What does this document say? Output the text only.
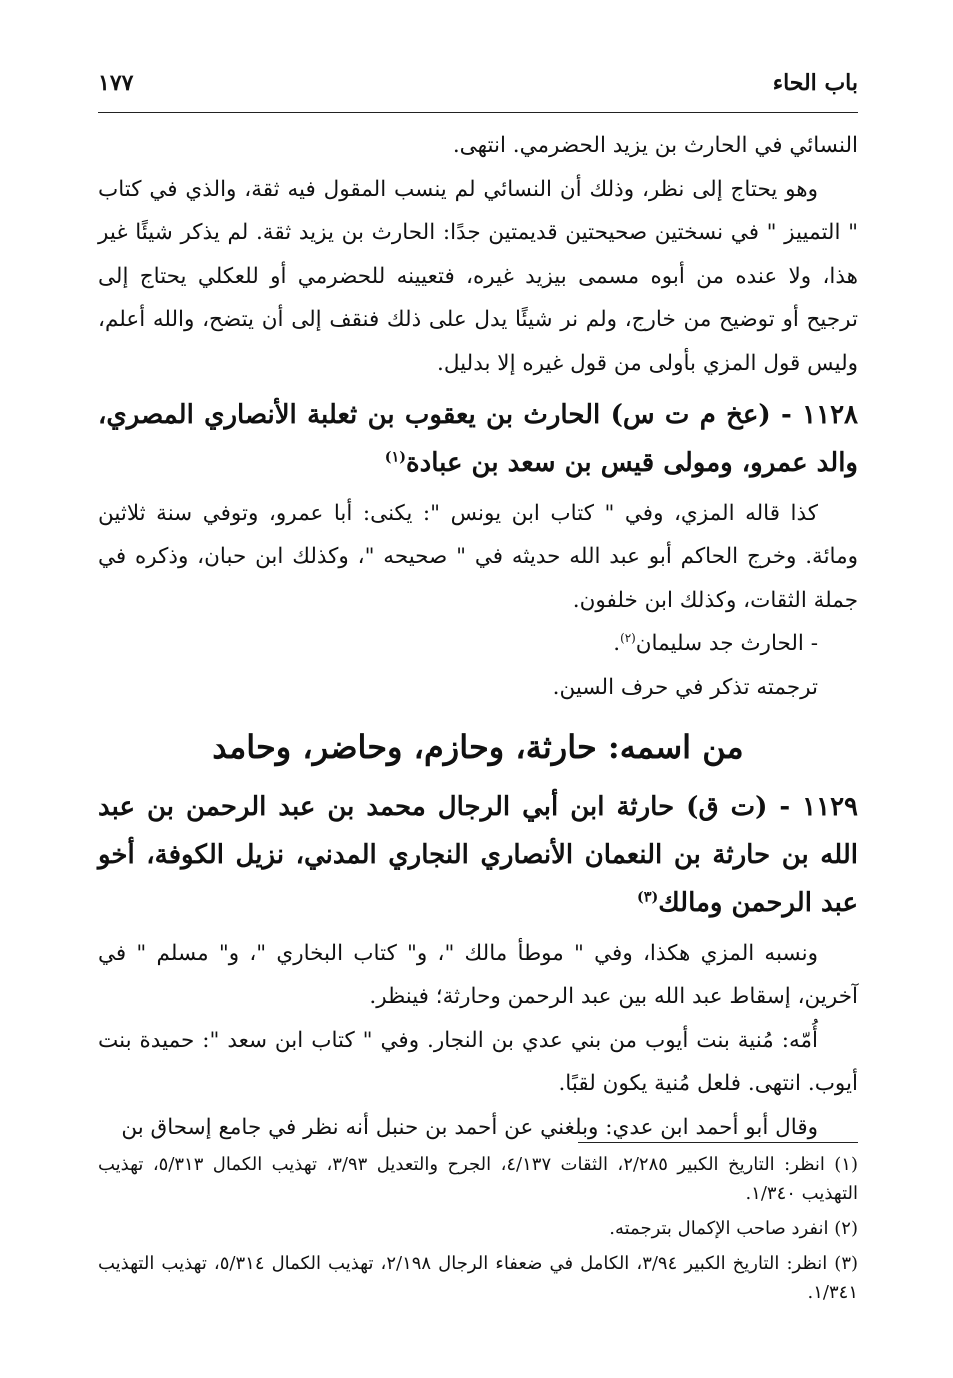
باب الحاء
١٧٧

النسائي في الحارث بن يزيد الحضرمي. انتهى.

وهو يحتاج إلى نظر، وذلك أن النسائي لم ينسب المقول فيه ثقة، والذي في كتاب " التمييز " في نسختين صحيحتين قديمتين جدًا: الحارث بن يزيد ثقة. لم يذكر شيئًا غير هذا، ولا عنده من أبوه مسمى بيزيد غيره، فتعيينه للحضرمي أو للعكلي يحتاج إلى ترجيح أو توضيح من خارج، ولم نر شيئًا يدل على ذلك فنقف إلى أن يتضح، والله أعلم، وليس قول المزي بأولى من قول غيره إلا بدليل.

١١٢٨ - (عخ م ت س) الحارث بن يعقوب بن ثعلبة الأنصاري المصري، والد عمرو، ومولى قيس بن سعد بن عبادة$^{(١)}$

كذا قاله المزي، وفي " كتاب ابن يونس ": يكنى: أبا عمرو، وتوفي سنة ثلاثين ومائة. وخرج الحاكم أبو عبد الله حديثه في " صحيحه "، وكذلك ابن حبان، وذكره في جملة الثقات، وكذلك ابن خلفون.

- الحارث جد سليمان$^{(٢)}$.

ترجمته تذكر في حرف السين.

من اسمه: حارثة، وحازم، وحاضر، وحامد

١١٢٩ - (ت ق) حارثة ابن أبي الرجال محمد بن عبد الرحمن بن عبد الله بن حارثة بن النعمان الأنصاري النجاري المدني، نزيل الكوفة، أخو عبد الرحمن ومالك$^{(٣)}$

ونسبه المزي هكذا، وفي " موطأ مالك "، و" كتاب البخاري "، و" مسلم " في آخرين، إسقاط عبد الله بين عبد الرحمن وحارثة؛ فينظر.

أُمّه: مُنية بنت أيوب من بني عدي بن النجار. وفي " كتاب ابن سعد ": حميدة بنت أيوب. انتهى. فلعل مُنية يكون لقبًا.

وقال أبو أحمد ابن عدي: وبلغني عن أحمد بن حنبل أنه نظر في جامع إسحاق بن

(١) انظر: التاريخ الكبير ٢/٢٨٥، الثقات ٤/١٣٧، الجرح والتعديل ٣/٩٣، تهذيب الكمال ٥/٣١٣، تهذيب التهذيب ١/٣٤٠.

(٢) انفرد صاحب الإكمال بترجمته.

(٣) انظر: التاريخ الكبير ٣/٩٤، الكامل في ضعفاء الرجال ٢/١٩٨، تهذيب الكمال ٥/٣١٤، تهذيب التهذيب ١/٣٤١.
